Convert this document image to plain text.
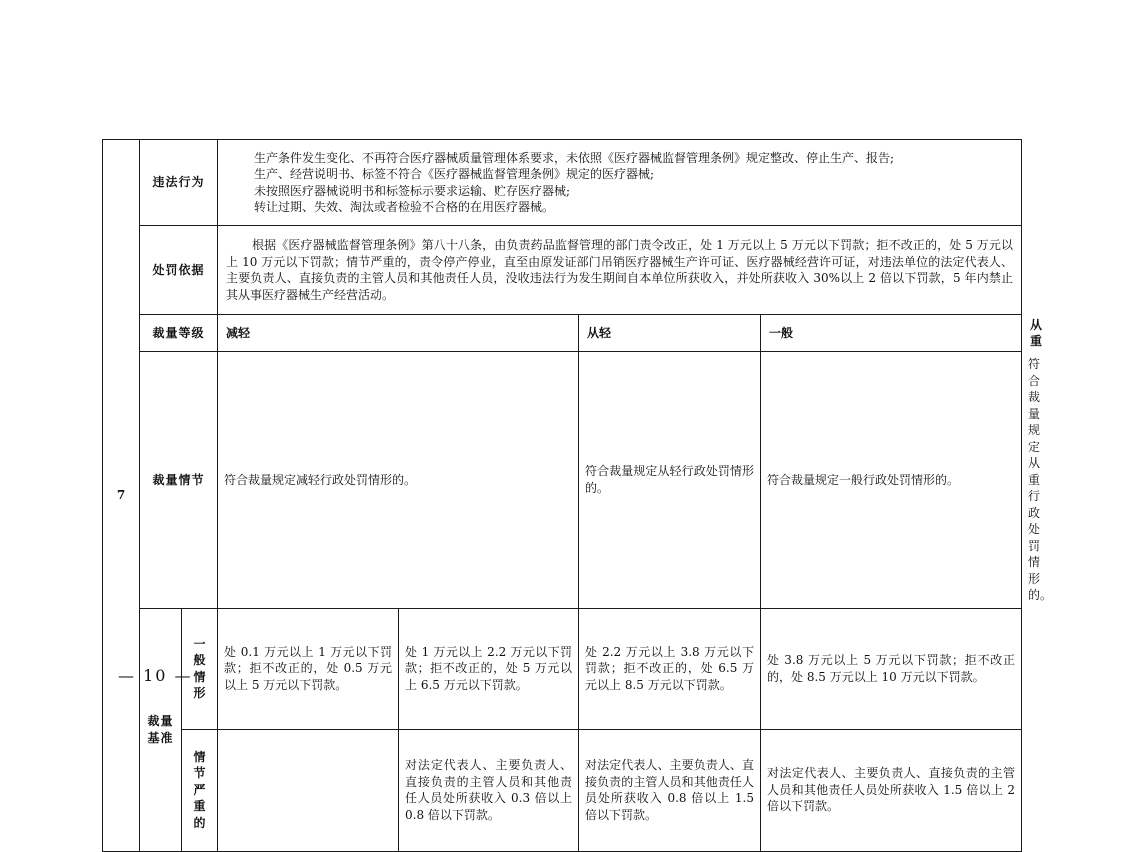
7	违法行为		生产条件发生变化、不再符合医疗器械质量管理体系要求，未依照《医疗器械监督管理条例》规定整改、停止生产、报告;
生产、经营说明书、标签不符合《医疗器械监督管理条例》规定的医疗器械;
未按照医疗器械说明书和标签标示要求运输、贮存医疗器械;
转让过期、失效、淘汰或者检验不合格的在用医疗器械。				

	处罚依据		根据《医疗器械监督管理条例》第八十八条，由负责药品监督管理的部门责令改正，处 1 万元以上 5 万元以下罚款；拒不改正的，处 5 万元以上 10 万元以下罚款；情节严重的，责令停产停业，直至由原发证部门吊销医疗器械生产许可证、医疗器械经营许可证，对违法单位的法定代表人、主要负责人、直接负责的主管人员和其他责任人员，没收违法行为发生期间自本单位所获收入，并处所获收入 30%以上 2 倍以下罚款，5 年内禁止其从事医疗器械生产经营活动。				

	裁量等级		减轻		从轻	一般	从重
	裁量情节		符合裁量规定减轻行政处罚情形的。		符合裁量规定从轻行政处罚情形的。	符合裁量规定一般行政处罚情形的。	符合裁量规定从重行政处罚情形的。

	裁量基准	一般情形	处 0.1 万元以上 1 万元以下罚款；拒不改正的，处 0.5 万元以上 5 万元以下罚款。	处 1 万元以上 2.2 万元以下罚款；拒不改正的，处 5 万元以上 6.5 万元以下罚款。	处 2.2 万元以上 3.8 万元以下罚款；拒不改正的，处 6.5 万元以上 8.5 万元以下罚款。	处 3.8 万元以上 5 万元以下罚款；拒不改正的，处 8.5 万元以上 10 万元以下罚款。	

		情节严重的		对法定代表人、主要负责人、直接负责的主管人员和其他责任人员处所获收入 0.3 倍以上 0.8 倍以下罚款。	对法定代表人、主要负责人、直接负责的主管人员和其他责任人员处所获收入 0.8 倍以上 1.5 倍以下罚款。	对法定代表人、主要负责人、直接负责的主管人员和其他责任人员处所获收入 1.5 倍以上 2 倍以下罚款。	
— 10 —
